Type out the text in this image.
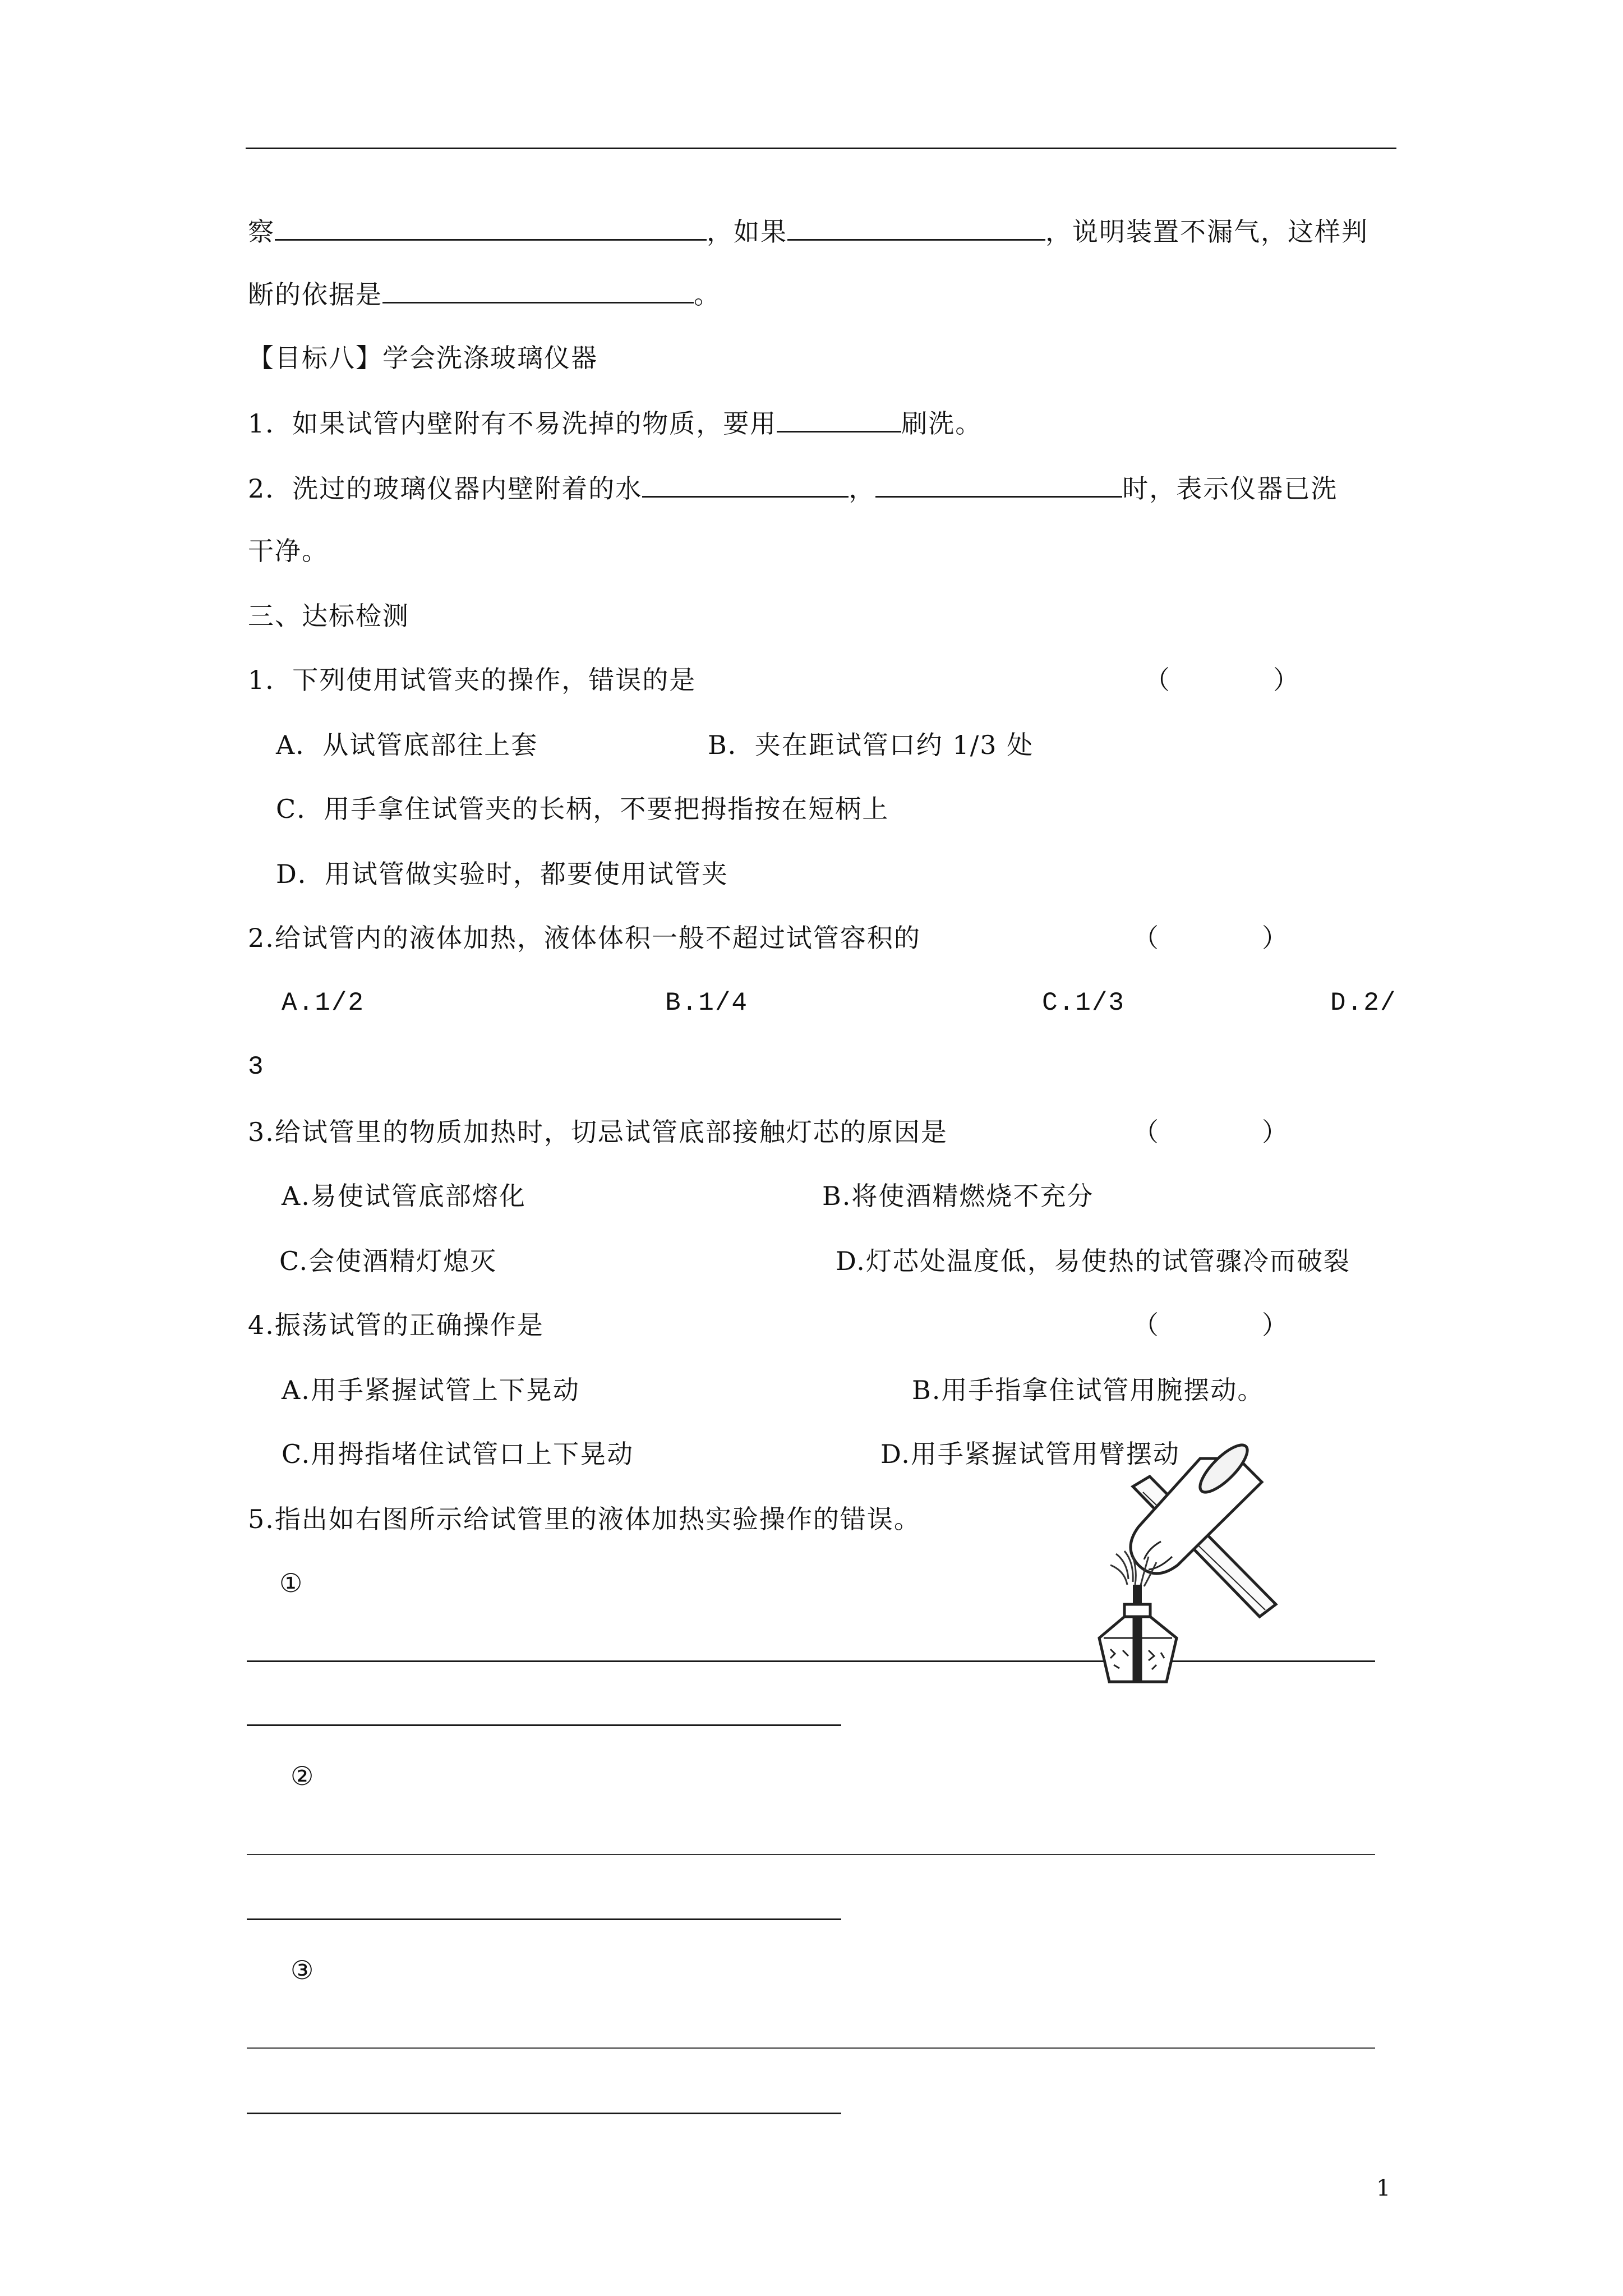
察	，如果	，说明装置不漏气，这样判
断的依据是	。
【目标八】学会洗涤玻璃仪器
1．如果试管内壁附有不易洗掉的物质，要用	刷洗。
2．洗过的玻璃仪器内壁附着的水	，	时，表示仪器已洗
干净。
三、达标检测
1．下列使用试管夹的操作，错误的是	（　　　　）
A．从试管底部往上套	B．夹在距试管口约 1/3 处
C．用手拿住试管夹的长柄，不要把拇指按在短柄上
D．用试管做实验时，都要使用试管夹
2.给试管内的液体加热，液体体积一般不超过试管容积的	（　　　　）
A.1/2	B.1/4	C.1/3	D.2/
3
3.给试管里的物质加热时，切忌试管底部接触灯芯的原因是	（　　　　）
A.易使试管底部熔化	B.将使酒精燃烧不充分
C.会使酒精灯熄灭	D.灯芯处温度低，易使热的试管骤冷而破裂
4.振荡试管的正确操作是	（　　　　）
A.用手紧握试管上下晃动	B.用手指拿住试管用腕摆动。
C.用拇指堵住试管口上下晃动	D.用手紧握试管用臂摆动
5.指出如右图所示给试管里的液体加热实验操作的错误。
①
②
③
1
